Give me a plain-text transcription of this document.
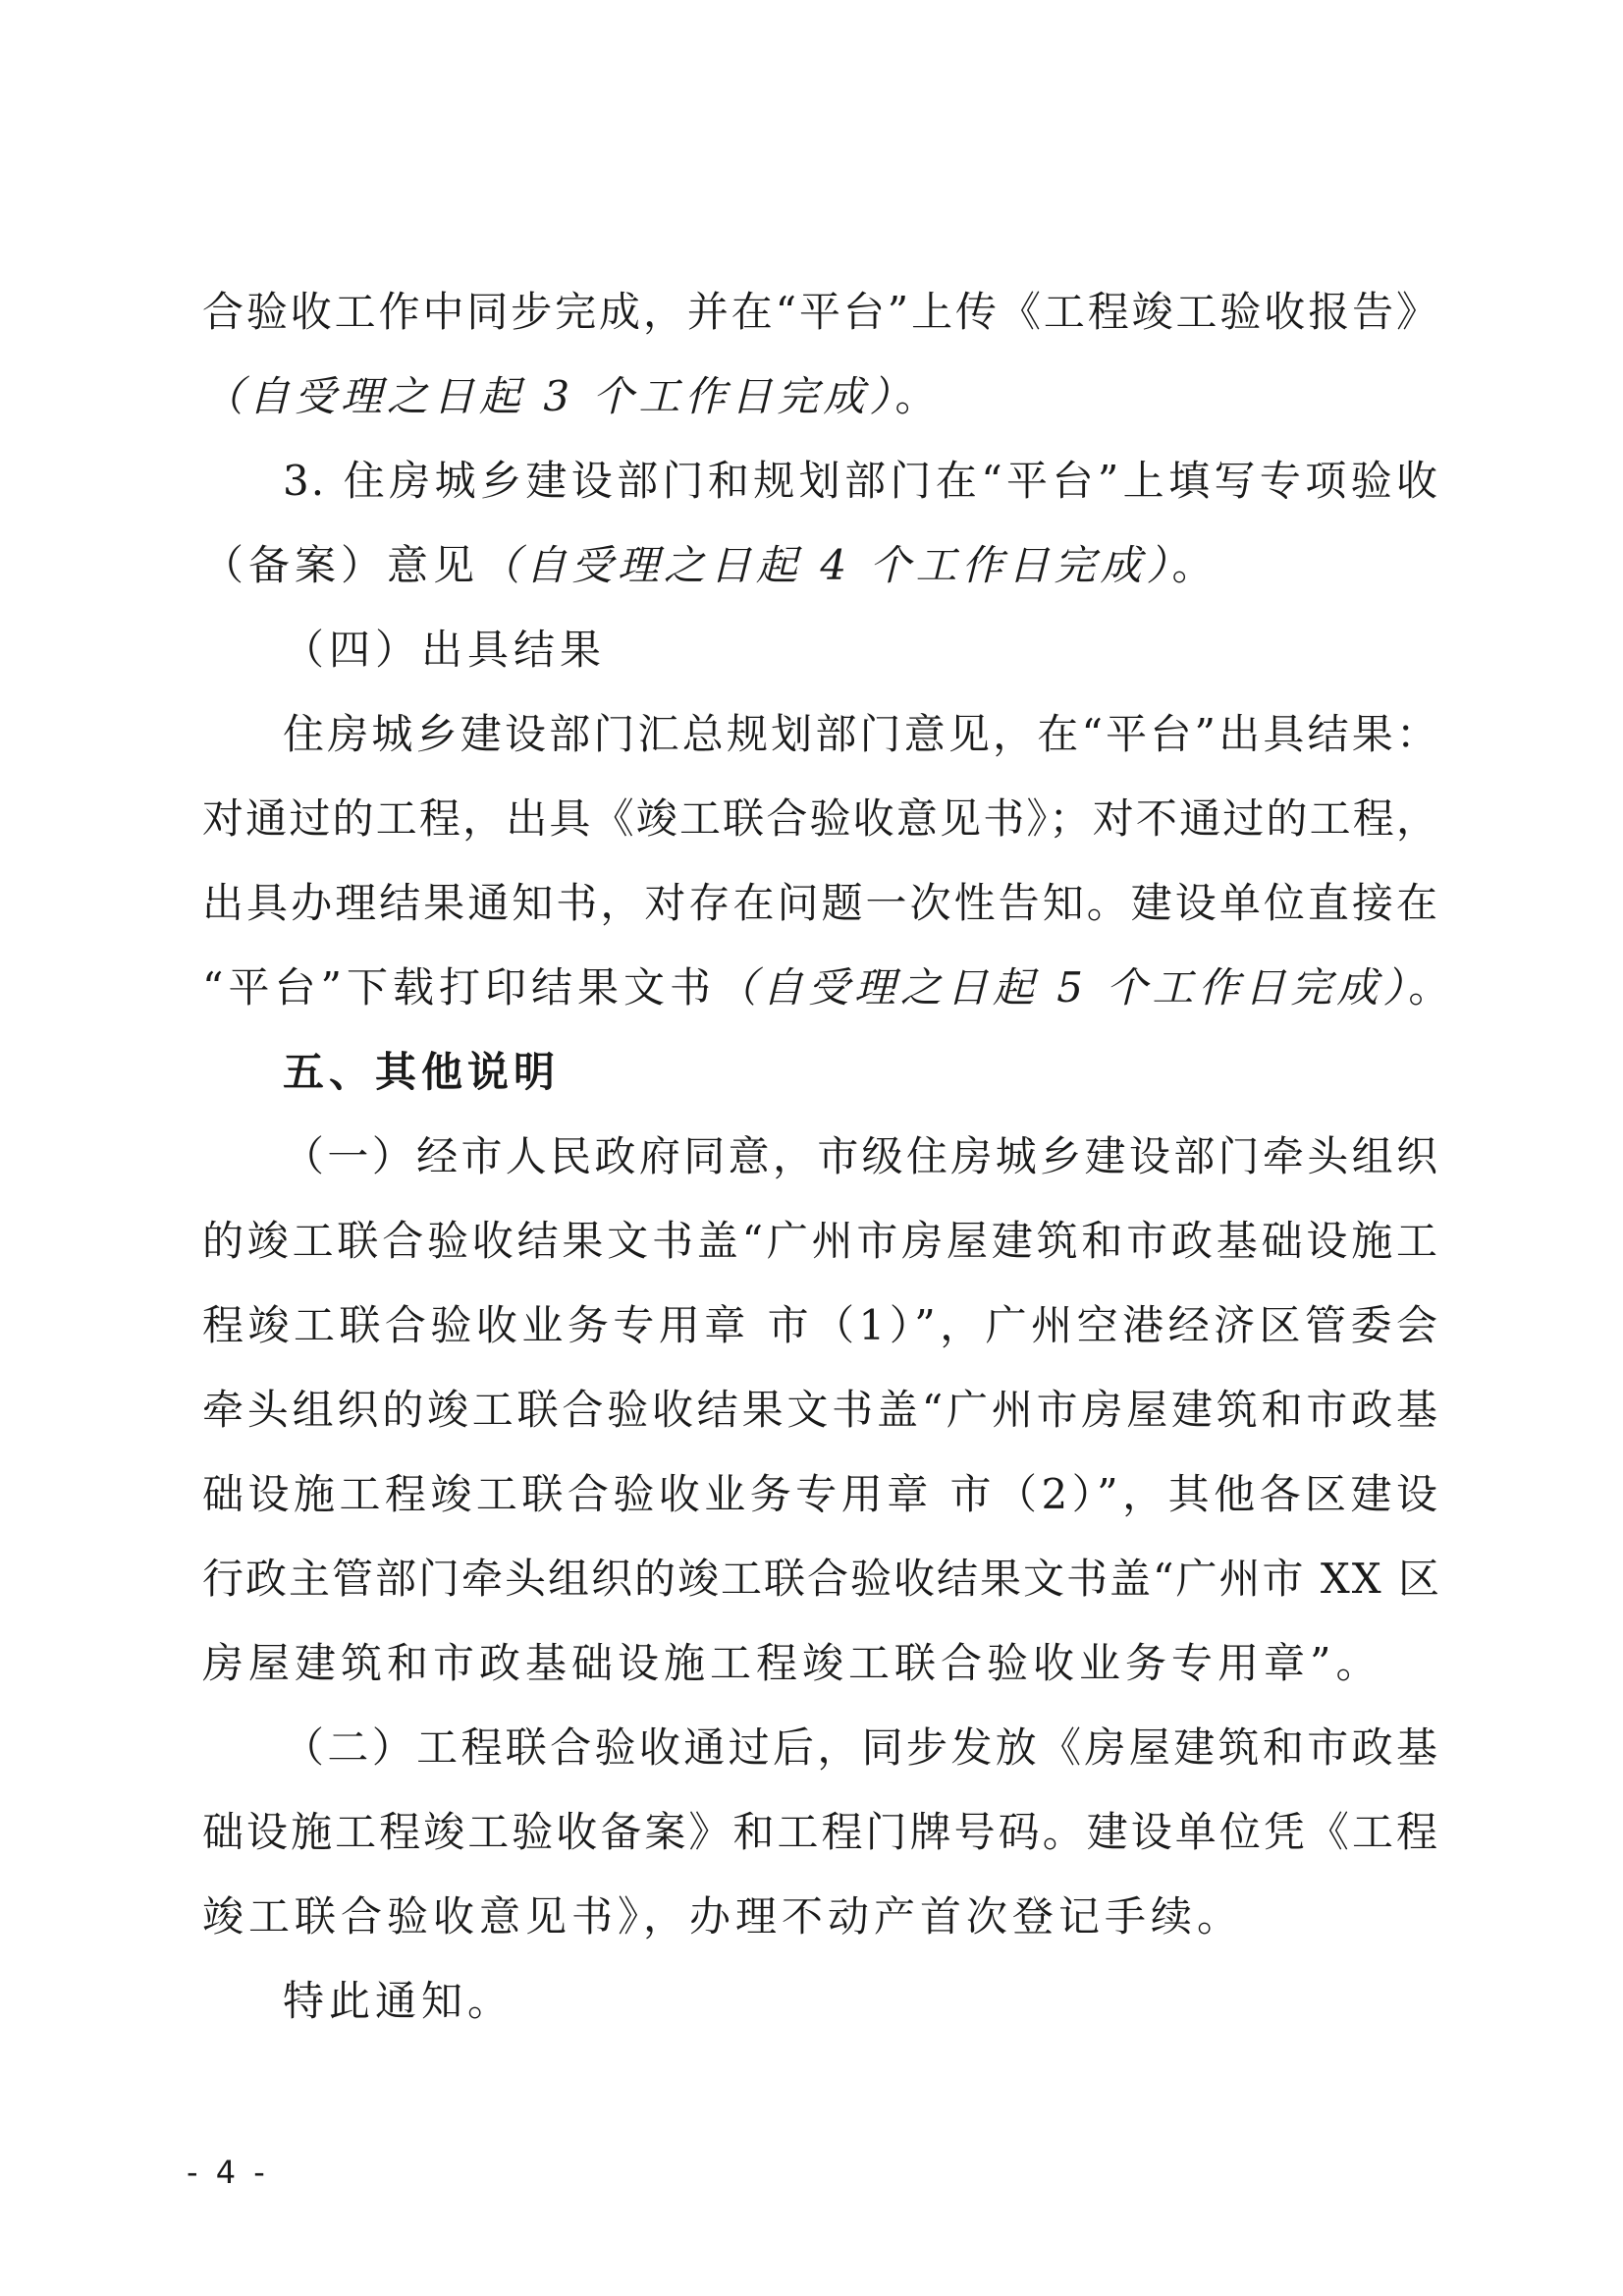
合验收工作中同步完成，并在“平台”上传《工程竣工验收报告》
（自受理之日起 3 个工作日完成）。
3. 住房城乡建设部门和规划部门在“平台”上填写专项验收
（备案）意见（自受理之日起 4 个工作日完成）。
（四）出具结果
住房城乡建设部门汇总规划部门意见，在“平台”出具结果：
对通过的工程，出具《竣工联合验收意见书》；对不通过的工程，
出具办理结果通知书，对存在问题一次性告知。建设单位直接在
“平台”下载打印结果文书（自受理之日起 5 个工作日完成）。
五、其他说明
（一）经市人民政府同意，市级住房城乡建设部门牵头组织
的竣工联合验收结果文书盖“广州市房屋建筑和市政基础设施工
程竣工联合验收业务专用章 市（1）”，广州空港经济区管委会
牵头组织的竣工联合验收结果文书盖“广州市房屋建筑和市政基
础设施工程竣工联合验收业务专用章 市（2）”，其他各区建设
行政主管部门牵头组织的竣工联合验收结果文书盖“广州市 XX 区
房屋建筑和市政基础设施工程竣工联合验收业务专用章”。
（二）工程联合验收通过后，同步发放《房屋建筑和市政基
础设施工程竣工验收备案》和工程门牌号码。建设单位凭《工程
竣工联合验收意见书》，办理不动产首次登记手续。
特此通知。
- 4 -
